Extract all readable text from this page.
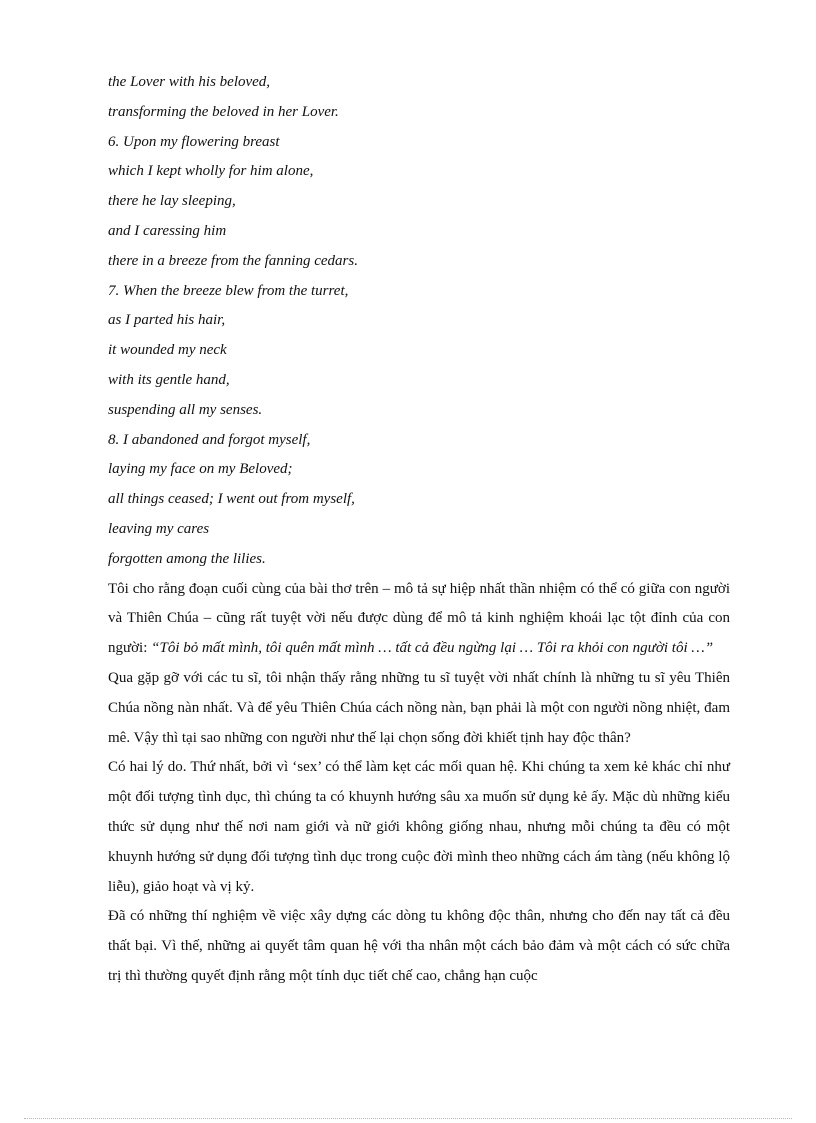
the Lover with his beloved,
transforming the beloved in her Lover.
6. Upon my flowering breast
which I kept wholly for him alone,
there he lay sleeping,
and I caressing him
there in a breeze from the fanning cedars.
7. When the breeze blew from the turret,
as I parted his hair,
it wounded my neck
with its gentle hand,
suspending all my senses.
8. I abandoned and forgot myself,
laying my face on my Beloved;
all things ceased; I went out from myself,
leaving my cares
forgotten among the lilies.

Tôi cho rằng đoạn cuối cùng của bài thơ trên – mô tả sự hiệp nhất thần nhiệm có thể có giữa con người và Thiên Chúa – cũng rất tuyệt vời nếu được dùng để mô tả kinh nghiệm khoái lạc tột đỉnh của con người: “Tôi bỏ mất mình, tôi quên mất mình … tất cả đều ngừng lại … Tôi ra khỏi con người tôi …”

Qua gặp gỡ với các tu sĩ, tôi nhận thấy rằng những tu sĩ tuyệt vời nhất chính là những tu sĩ yêu Thiên Chúa nồng nàn nhất. Và để yêu Thiên Chúa cách nồng nàn, bạn phải là một con người nồng nhiệt, đam mê. Vậy thì tại sao những con người như thế lại chọn sống đời khiết tịnh hay độc thân?

Có hai lý do. Thứ nhất, bởi vì ‘sex’ có thể làm kẹt các mối quan hệ. Khi chúng ta xem kẻ khác chỉ như một đối tượng tình dục, thì chúng ta có khuynh hướng sâu xa muốn sử dụng kẻ ấy. Mặc dù những kiểu thức sử dụng như thế nơi nam giới và nữ giới không giống nhau, nhưng mỗi chúng ta đều có một khuynh hướng sử dụng đối tượng tình dục trong cuộc đời mình theo những cách ám tàng (nếu không lộ liễu), giảo hoạt và vị kỷ.

Đã có những thí nghiệm về việc xây dựng các dòng tu không độc thân, nhưng cho đến nay tất cả đều thất bại. Vì thế, những ai quyết tâm quan hệ với tha nhân một cách bảo đảm và một cách có sức chữa trị thì thường quyết định rằng một tính dục tiết chế cao, chẳng hạn cuộc
